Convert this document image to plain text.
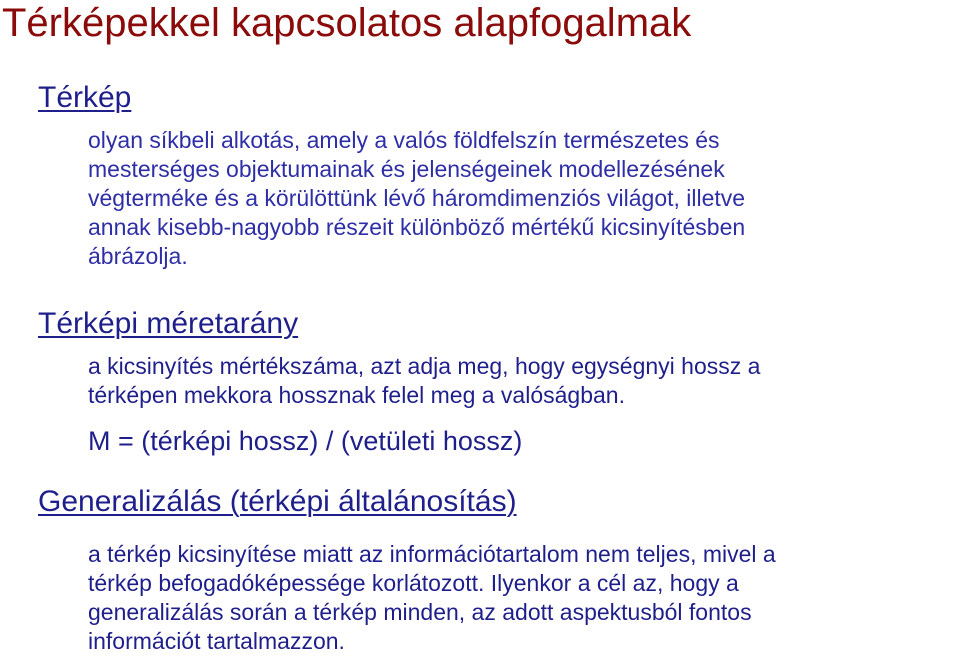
Térképekkel kapcsolatos alapfogalmak
Térkép

olyan síkbeli alkotás, amely a valós földfelszín természetes és
mesterséges objektumainak és jelenségeinek modellezésének
végterméke és a körülöttünk lévő háromdimenziós világot, illetve
annak kisebb-nagyobb részeit különböző mértékű kicsinyítésben
ábrázolja.

Térképi méretarány

a kicsinyítés mértékszáma, azt adja meg, hogy egységnyi hossz a
térképen mekkora hossznak felel meg a valóságban.

M = (térképi hossz) / (vetületi hossz)

Generalizálás (térképi általánosítás)

a térkép kicsinyítése miatt az információtartalom nem teljes, mivel a
térkép befogadóképessége korlátozott. Ilyenkor a cél az, hogy a
generalizálás során a térkép minden, az adott aspektusból fontos
információt tartalmazzon.
